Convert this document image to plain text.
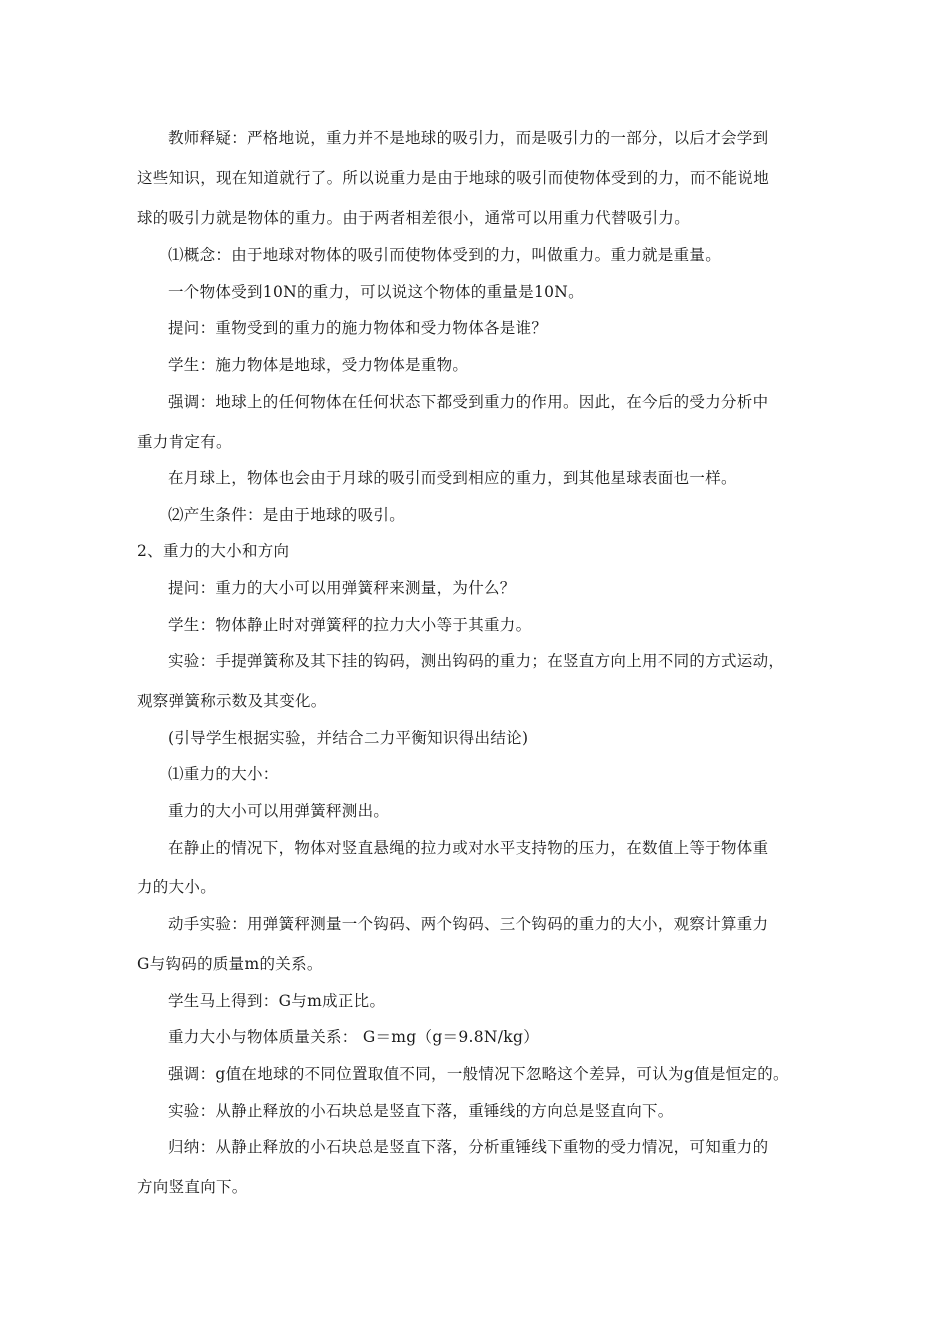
教师释疑：严格地说，重力并不是地球的吸引力，而是吸引力的一部分，以后才会学到
这些知识，现在知道就行了。所以说重力是由于地球的吸引而使物体受到的力，而不能说地
球的吸引力就是物体的重力。由于两者相差很小，通常可以用重力代替吸引力。
⑴概念：由于地球对物体的吸引而使物体受到的力，叫做重力。重力就是重量。
一个物体受到10N的重力，可以说这个物体的重量是10N。
提问：重物受到的重力的施力物体和受力物体各是谁？
学生：施力物体是地球，受力物体是重物。
强调：地球上的任何物体在任何状态下都受到重力的作用。因此，在今后的受力分析中
重力肯定有。
在月球上，物体也会由于月球的吸引而受到相应的重力，到其他星球表面也一样。
⑵产生条件：是由于地球的吸引。
2、重力的大小和方向
提问：重力的大小可以用弹簧秤来测量，为什么？
学生：物体静止时对弹簧秤的拉力大小等于其重力。
实验：手提弹簧称及其下挂的钩码，测出钩码的重力；在竖直方向上用不同的方式运动，
观察弹簧称示数及其变化。
(引导学生根据实验，并结合二力平衡知识得出结论)
⑴重力的大小：
重力的大小可以用弹簧秤测出。
在静止的情况下，物体对竖直悬绳的拉力或对水平支持物的压力，在数值上等于物体重
力的大小。
动手实验：用弹簧秤测量一个钩码、两个钩码、三个钩码的重力的大小，观察计算重力
G与钩码的质量m的关系。
学生马上得到：G与m成正比。
重力大小与物体质量关系： G＝mg（g＝9.8N/kg）
强调：g值在地球的不同位置取值不同，一般情况下忽略这个差异，可认为g值是恒定的。
实验：从静止释放的小石块总是竖直下落，重锤线的方向总是竖直向下。
归纳：从静止释放的小石块总是竖直下落，分析重锤线下重物的受力情况，可知重力的
方向竖直向下。
